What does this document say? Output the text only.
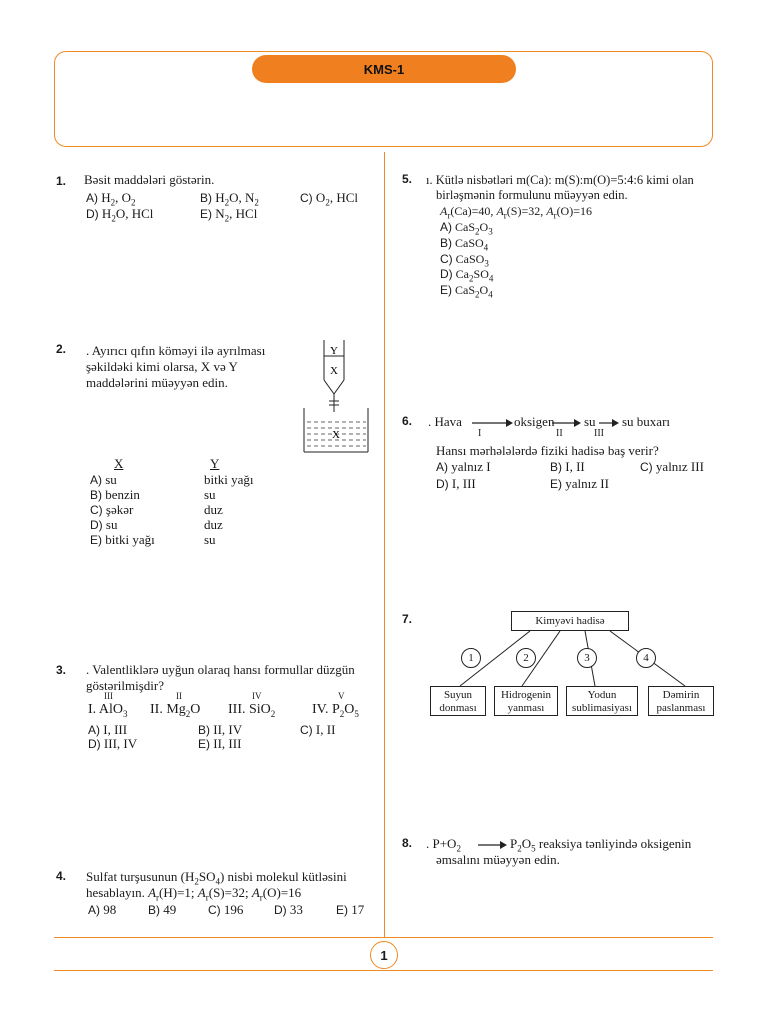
KMS-1
1
1. Bəsit maddələri göstərin.
A) $H_2$, $O_2$	B) $H_2O$, $N_2$	C) $O_2$, HCl
D) $H_2O$, HCl	E) $N_2$, HCl
2. . Ayırıcı qıfın köməyi ilə ayrılması
şəkildəki kimi olarsa, X və Y
maddələrini müəyyən edin.
Y
X
X
X	Y
A) su	bitki yağı
B) benzin	su
C) şəkər	duz
D) su	duz
E) bitki yağı	su
3. . Valentliklərə uyğun olaraq hansı formullar düzgün
göstərilmişdir?
III	II	IV	V
I. AlO$_3$ II. $Mg_2O$ III. SiO$_2$	IV. $P_2O_5$
A) I, III	B) II, IV	C) I, II
D) III, IV	E) II, III
4. Sulfat turşusunun $(H_2SO_4)$ nisbi molekul kütləsini
hesablayın. $A_r(H)=1$; $A_r(S)=32$; $A_r(O)=16$
A) 98	B) 49	C) 196	D) 33	E) 17
5. ı. Kütlə nisbətləri m(Ca): m(S):m(O)=5:4:6 kimi olan
birləşmənin formulunu müəyyən edin.
$A_r(Ca)=40$, $A_r(S)=32$, $A_r(O)=16$
A) $CaS_2O_3$
B) CaSO$_4$
C) CaSO$_3$
D) $Ca_2SO_4$
E) $CaS_2O_4$
6. . Hava
I
oksigen
II
su
III
su buxarı
Hansı mərhələlərdə fiziki hadisə baş verir?
A) yalnız I	B) I, II	C) yalnız III
D) I, III	E) yalnız II
7.	Kimyəvi hadisə
1	2	3	4
Suyun
donması
Hidrogenin
yanması
Yodun
sublimasiyası
Dəmirin
paslanması
8. . $P+O_2$	$P_2O_5$ reaksiya tənliyində oksigenin
əmsalını müəyyən edin.
